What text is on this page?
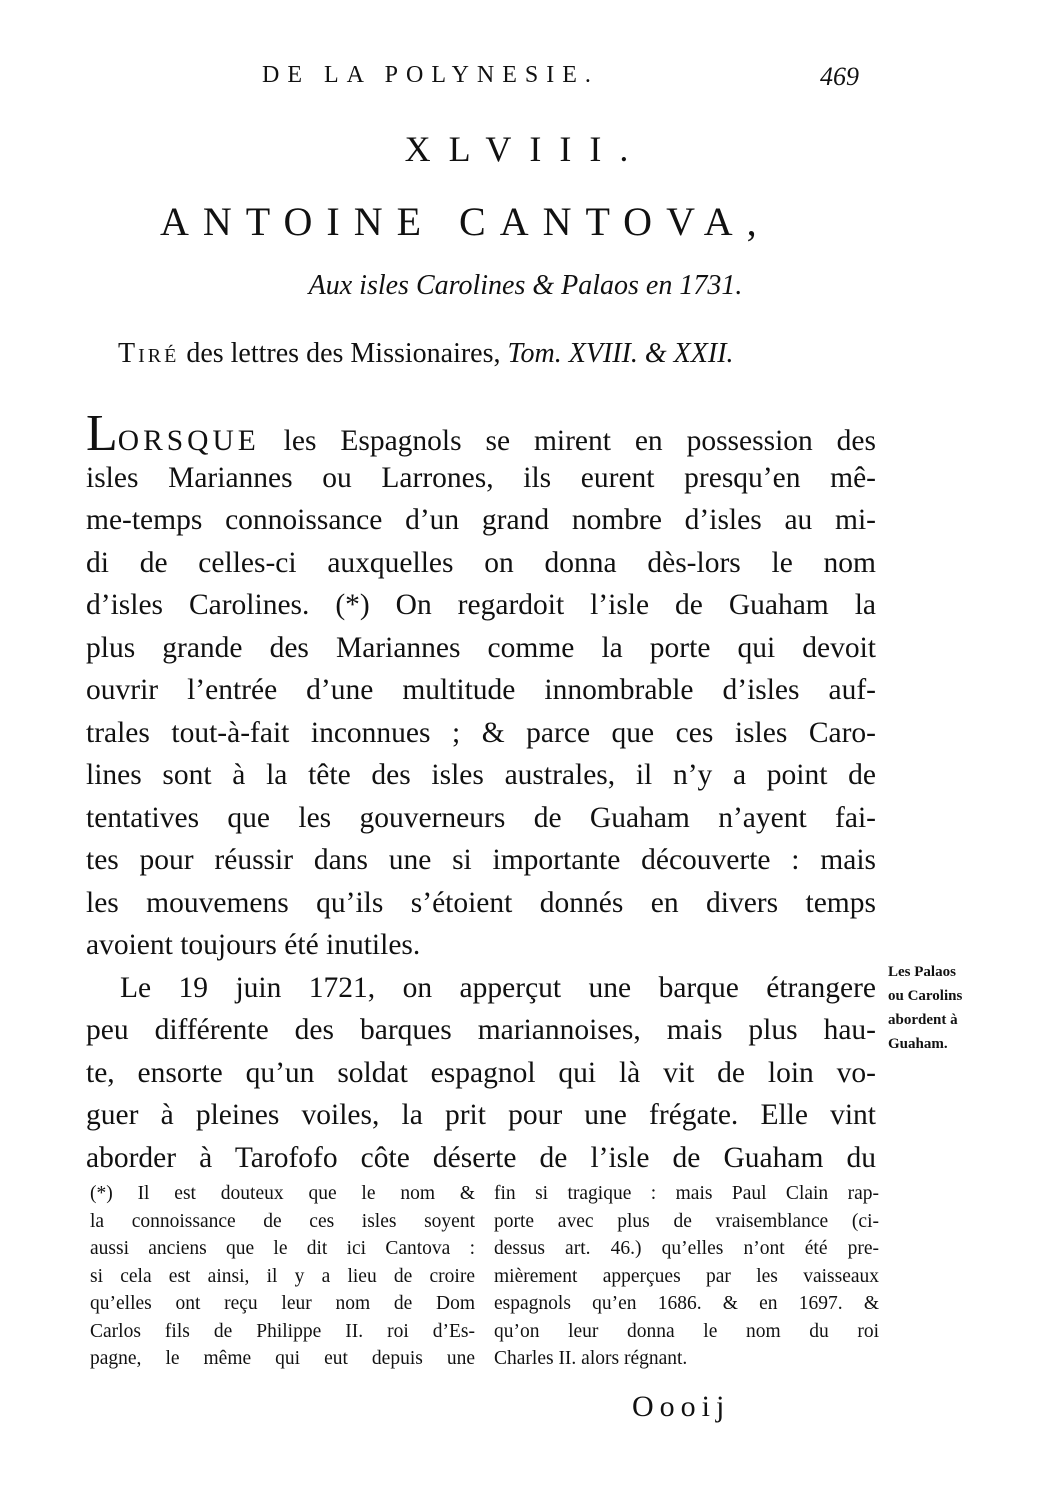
DE LA POLYNESIE.	469
XLVIII.
ANTOINE CANTOVA,
Aux isles Carolines & Palaos en 1731.
Tiré des lettres des Missionaires, Tom. XVIII. & XXII.
LORSQUE les Espagnols se mirent en possession des
isles Mariannes ou Larrones, ils eurent presqu’en mê-
me-temps connoissance d’un grand nombre d’isles au mi-
di de celles-ci auxquelles on donna dès-lors le nom
d’isles Carolines. (*) On regardoit l’isle de Guaham la
plus grande des Mariannes comme la porte qui devoit
ouvrir l’entrée d’une multitude innombrable d’isles auf-
trales tout-à-fait inconnues ; & parce que ces isles Caro-
lines sont à la tête des isles australes, il n’y a point de
tentatives que les gouverneurs de Guaham n’ayent fai-
tes pour réussir dans une si importante découverte : mais
les mouvemens qu’ils s’étoient donnés en divers temps
avoient toujours été inutiles.
Le 19 juin 1721, on apperçut une barque étrangere
peu différente des barques mariannoises, mais plus hau-
te, ensorte qu’un soldat espagnol qui là vit de loin vo-
guer à pleines voiles, la prit pour une frégate. Elle vint
aborder à Tarofofo côte déserte de l’isle de Guaham du
Les Palaos
ou Carolins
abordent à
Guaham.
(*) Il est douteux que le nom &
la connoissance de ces isles soyent
aussi anciens que le dit ici Cantova :
si cela est ainsi, il y a lieu de croire
qu’elles ont reçu leur nom de Dom
Carlos fils de Philippe II. roi d’Es-
pagne, le même qui eut depuis une
fin si tragique : mais Paul Clain rap-
porte avec plus de vraisemblance (ci-
dessus art. 46.) qu’elles n’ont été pre-
mièrement apperçues par les vaisseaux
espagnols qu’en 1686. & en 1697. &
qu’on leur donna le nom du roi
Charles II. alors régnant.
Oooij
